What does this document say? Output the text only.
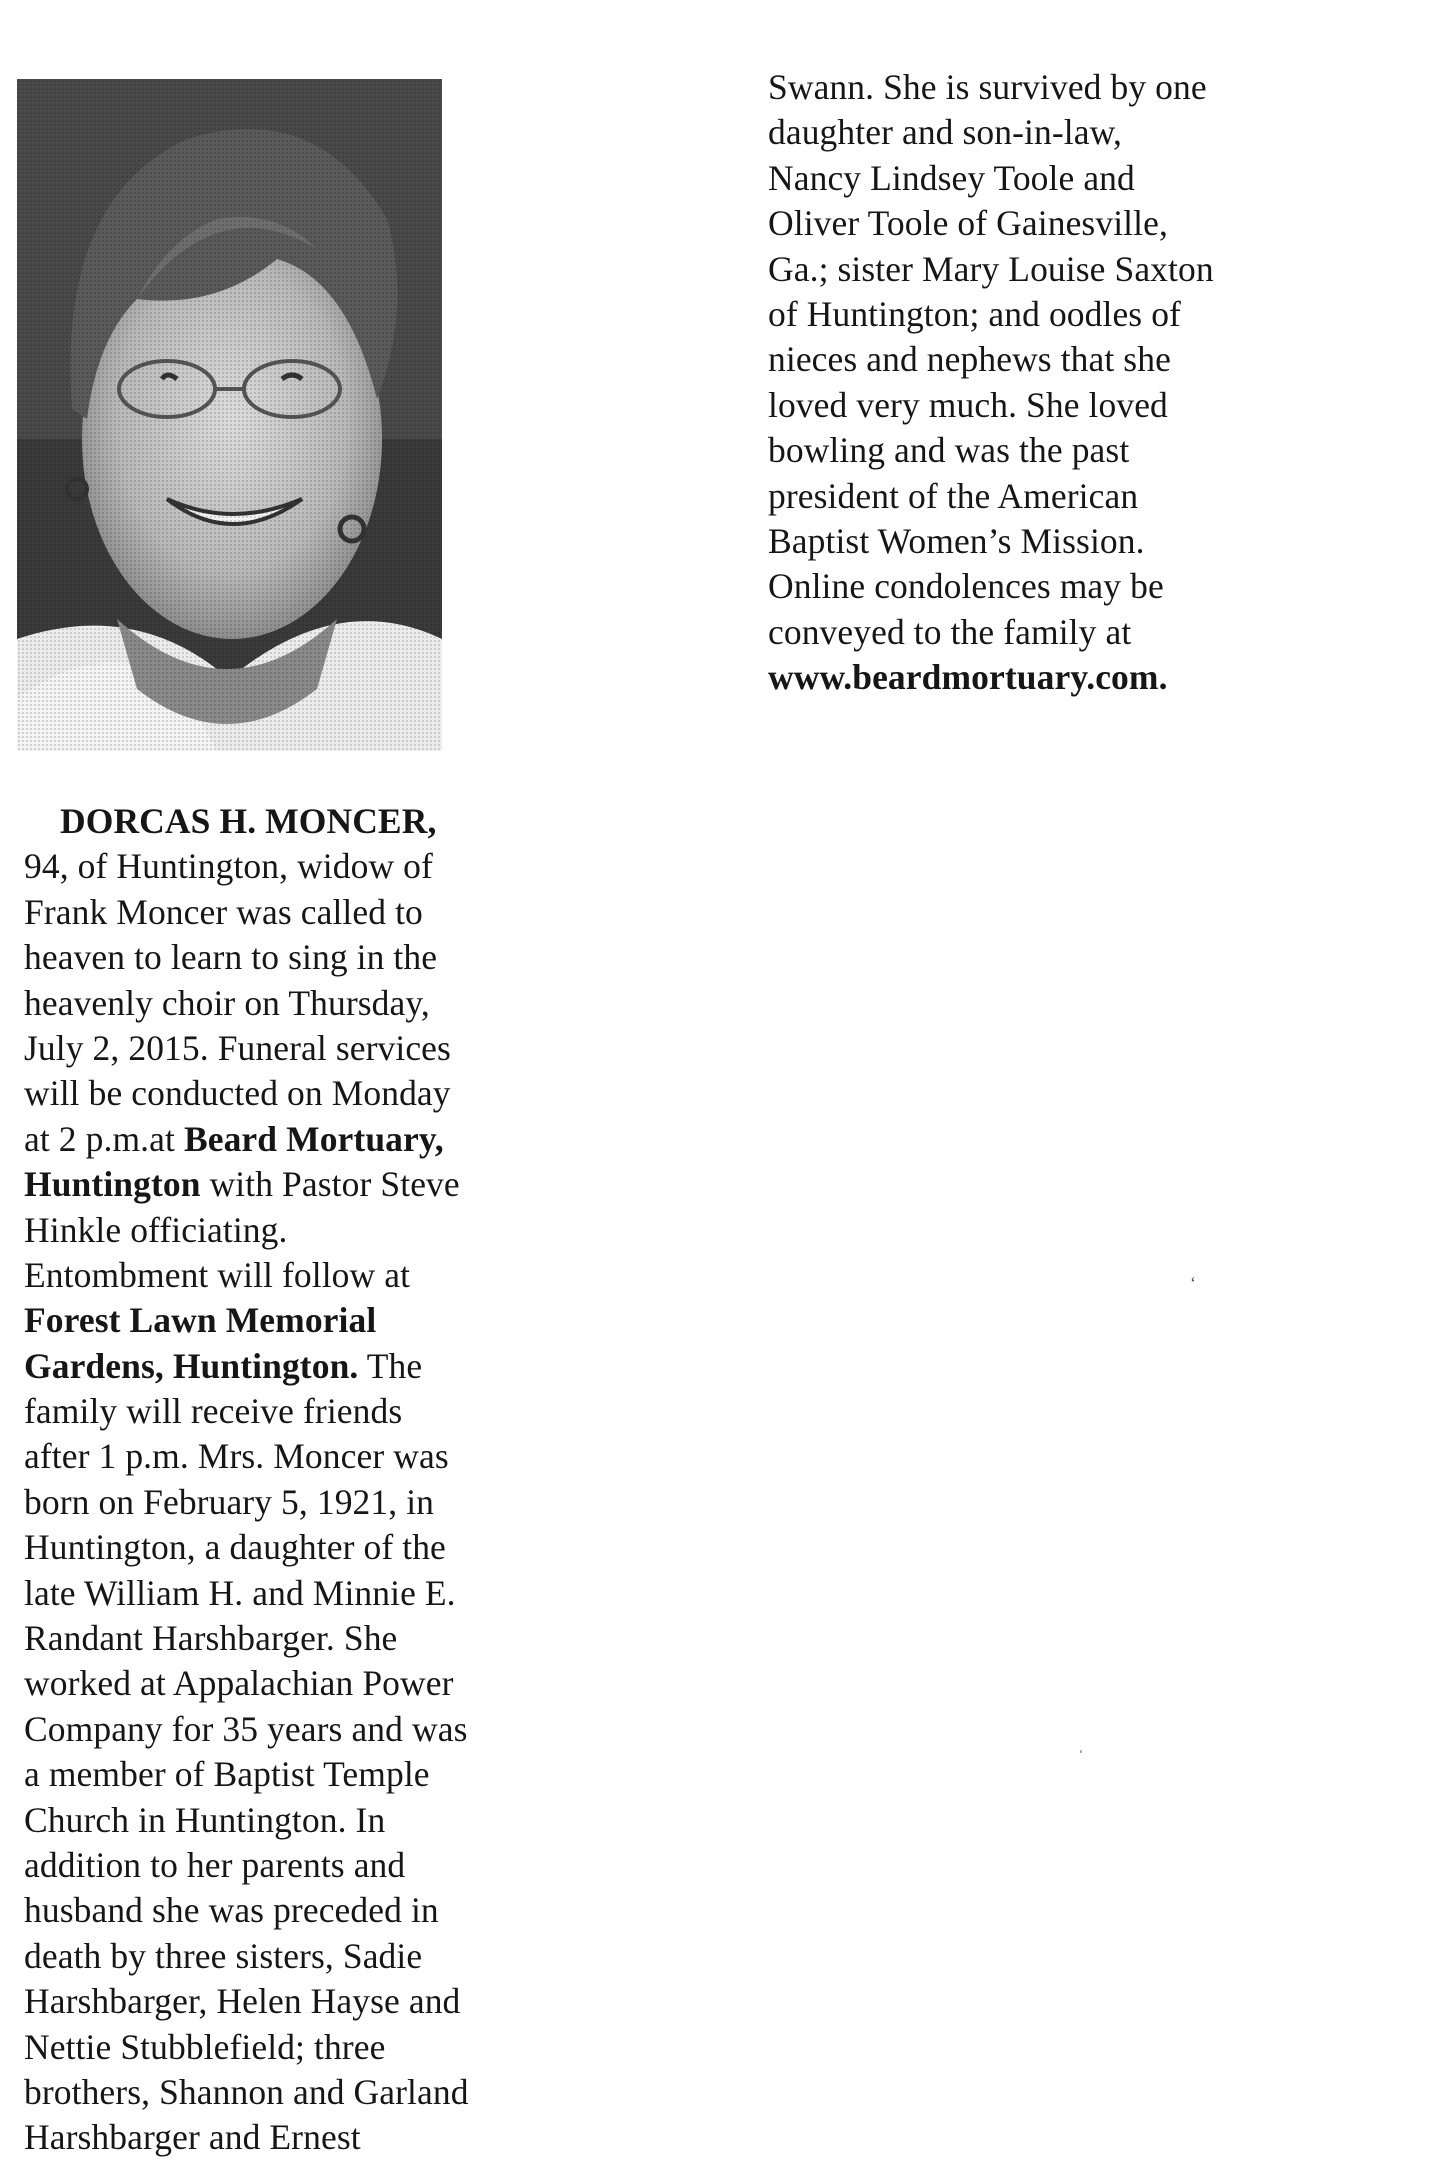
DORCAS H. MONCER,
94, of Huntington, widow of
Frank Moncer was called to
heaven to learn to sing in the
heavenly choir on Thursday,
July 2, 2015. Funeral services
will be conducted on Monday
at 2 p.m.at Beard Mortuary,
Huntington with Pastor Steve
Hinkle officiating.
Entombment will follow at
Forest Lawn Memorial
Gardens, Huntington. The
family will receive friends
after 1 p.m. Mrs. Moncer was
born on February 5, 1921, in
Huntington, a daughter of the
late William H. and Minnie E.
Randant Harshbarger. She
worked at Appalachian Power
Company for 35 years and was
a member of Baptist Temple
Church in Huntington. In
addition to her parents and
husband she was preceded in
death by three sisters, Sadie
Harshbarger, Helen Hayse and
Nettie Stubblefield; three
brothers, Shannon and Garland
Harshbarger and Ernest
Swann. She is survived by one
daughter and son-in-law,
Nancy Lindsey Toole and
Oliver Toole of Gainesville,
Ga.; sister Mary Louise Saxton
of Huntington; and oodles of
nieces and nephews that she
loved very much. She loved
bowling and was the past
president of the American
Baptist Women’s Mission.
Online condolences may be
conveyed to the family at
www.beardmortuary.com.
‘
ˌ
